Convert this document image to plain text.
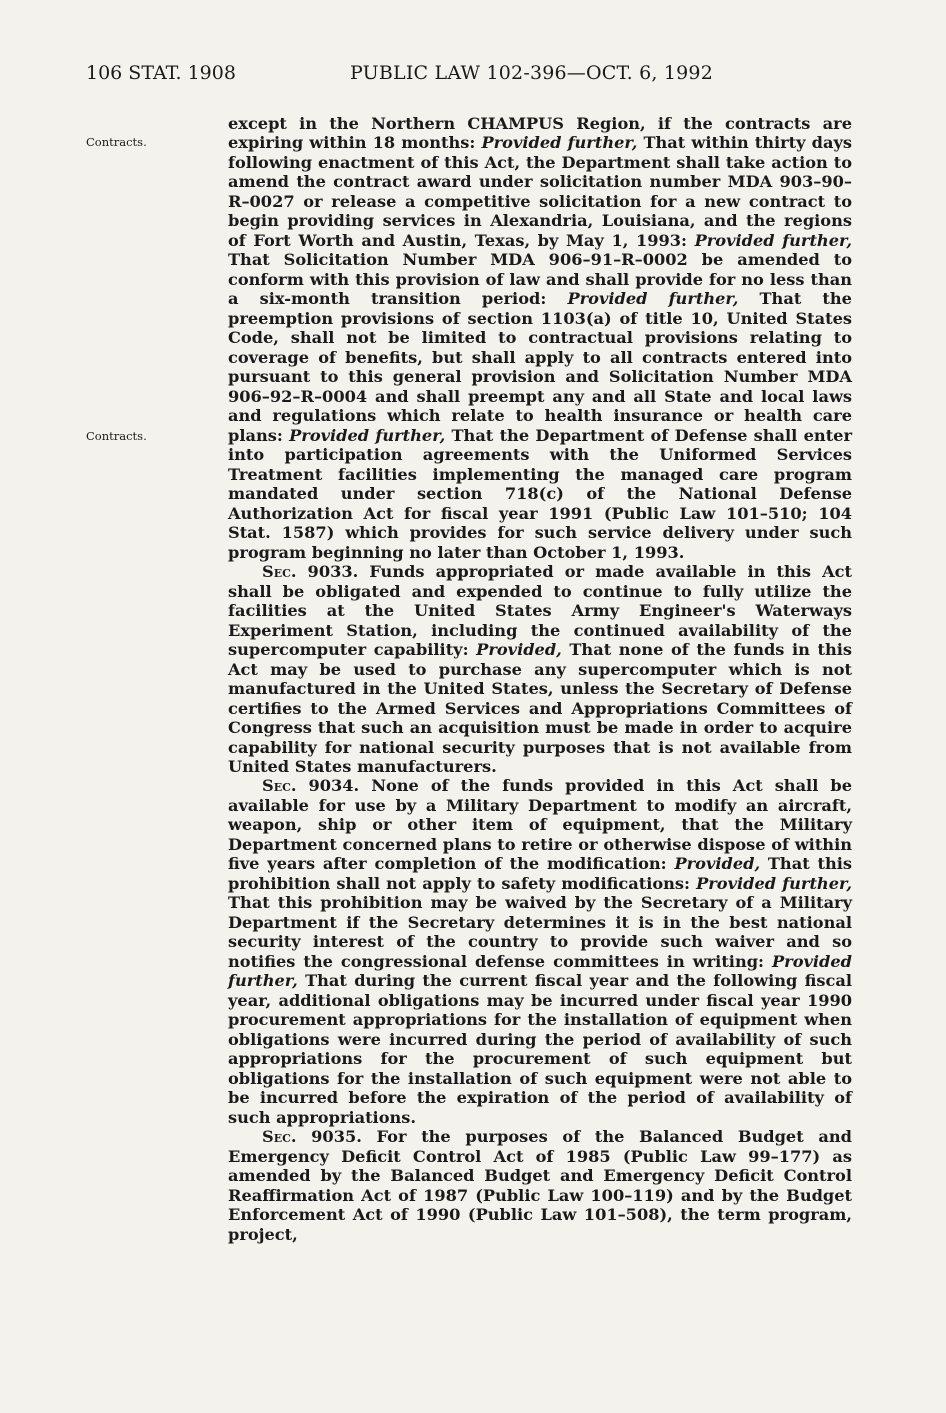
106 STAT. 1908	PUBLIC LAW 102-396—OCT. 6, 1992
Contracts.
Contracts.

except in the Northern CHAMPUS Region, if the contracts are expiring within 18 months: Provided further, That within thirty days following enactment of this Act, the Department shall take action to amend the contract award under solicitation number MDA 903–90–R–0027 or release a competitive solicitation for a new contract to begin providing services in Alexandria, Louisiana, and the regions of Fort Worth and Austin, Texas, by May 1, 1993: Provided further, That Solicitation Number MDA 906–91–R–0002 be amended to conform with this provision of law and shall provide for no less than a six-month transition period: Provided further, That the preemption provisions of section 1103(a) of title 10, United States Code, shall not be limited to contractual provisions relating to coverage of benefits, but shall apply to all contracts entered into pursuant to this general provision and Solicitation Number MDA 906–92–R–0004 and shall preempt any and all State and local laws and regulations which relate to health insurance or health care plans: Provided further, That the Department of Defense shall enter into participation agreements with the Uniformed Services Treatment facilities implementing the managed care program mandated under section 718(c) of the National Defense Authorization Act for fiscal year 1991 (Public Law 101–510; 104 Stat. 1587) which provides for such service delivery under such program beginning no later than October 1, 1993.

Sec. 9033. Funds appropriated or made available in this Act shall be obligated and expended to continue to fully utilize the facilities at the United States Army Engineer's Waterways Experiment Station, including the continued availability of the supercomputer capability: Provided, That none of the funds in this Act may be used to purchase any supercomputer which is not manufactured in the United States, unless the Secretary of Defense certifies to the Armed Services and Appropriations Committees of Congress that such an acquisition must be made in order to acquire capability for national security purposes that is not available from United States manufacturers.

Sec. 9034. None of the funds provided in this Act shall be available for use by a Military Department to modify an aircraft, weapon, ship or other item of equipment, that the Military Department concerned plans to retire or otherwise dispose of within five years after completion of the modification: Provided, That this prohibition shall not apply to safety modifications: Provided further, That this prohibition may be waived by the Secretary of a Military Department if the Secretary determines it is in the best national security interest of the country to provide such waiver and so notifies the congressional defense committees in writing: Provided further, That during the current fiscal year and the following fiscal year, additional obligations may be incurred under fiscal year 1990 procurement appropriations for the installation of equipment when obligations were incurred during the period of availability of such appropriations for the procurement of such equipment but obligations for the installation of such equipment were not able to be incurred before the expiration of the period of availability of such appropriations.

Sec. 9035. For the purposes of the Balanced Budget and Emergency Deficit Control Act of 1985 (Public Law 99–177) as amended by the Balanced Budget and Emergency Deficit Control Reaffirmation Act of 1987 (Public Law 100–119) and by the Budget Enforcement Act of 1990 (Public Law 101–508), the term program, project,
